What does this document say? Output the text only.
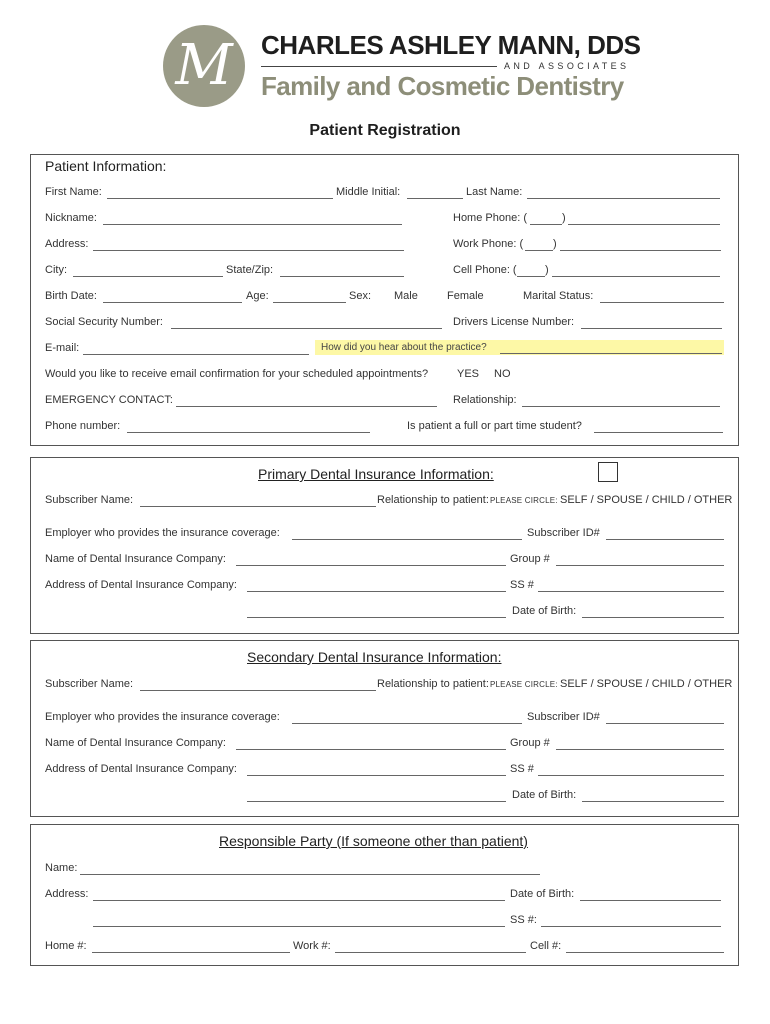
M	CHARLES ASHLEY MANN, DDS
AND ASSOCIATES
Family and Cosmetic Dentistry
Patient Registration
Patient Information:
First Name:	Middle Initial:	Last Name:
Nickname:	Home Phone: (	)
Address:	Work Phone: (	)
City:	State/Zip:	Cell Phone: (	)
Birth Date:	Age:	Sex: Male	Female	Marital Status:
Social Security Number:	Drivers License Number:
E-mail:	How did you hear about the practice?
Would you like to receive email confirmation for your scheduled appointments?	YES NO
EMERGENCY CONTACT:	Relationship:
Phone number:	Is patient a full or part time student?
Primary Dental Insurance Information:
Subscriber Name:	Relationship to patient: PLEASE CIRCLE: SELF / SPOUSE / CHILD / OTHER
Employer who provides the insurance coverage:	Subscriber ID#
Name of Dental Insurance Company:	Group #
Address of Dental Insurance Company:	SS #
Date of Birth:
Secondary Dental Insurance Information:
Subscriber Name:	Relationship to patient: PLEASE CIRCLE: SELF / SPOUSE / CHILD / OTHER
Employer who provides the insurance coverage:	Subscriber ID#
Name of Dental Insurance Company:	Group #
Address of Dental Insurance Company:	SS #
Date of Birth:
Responsible Party (If someone other than patient)
Name:
Address:	Date of Birth:
SS #:
Home #:	Work #:	Cell #:
